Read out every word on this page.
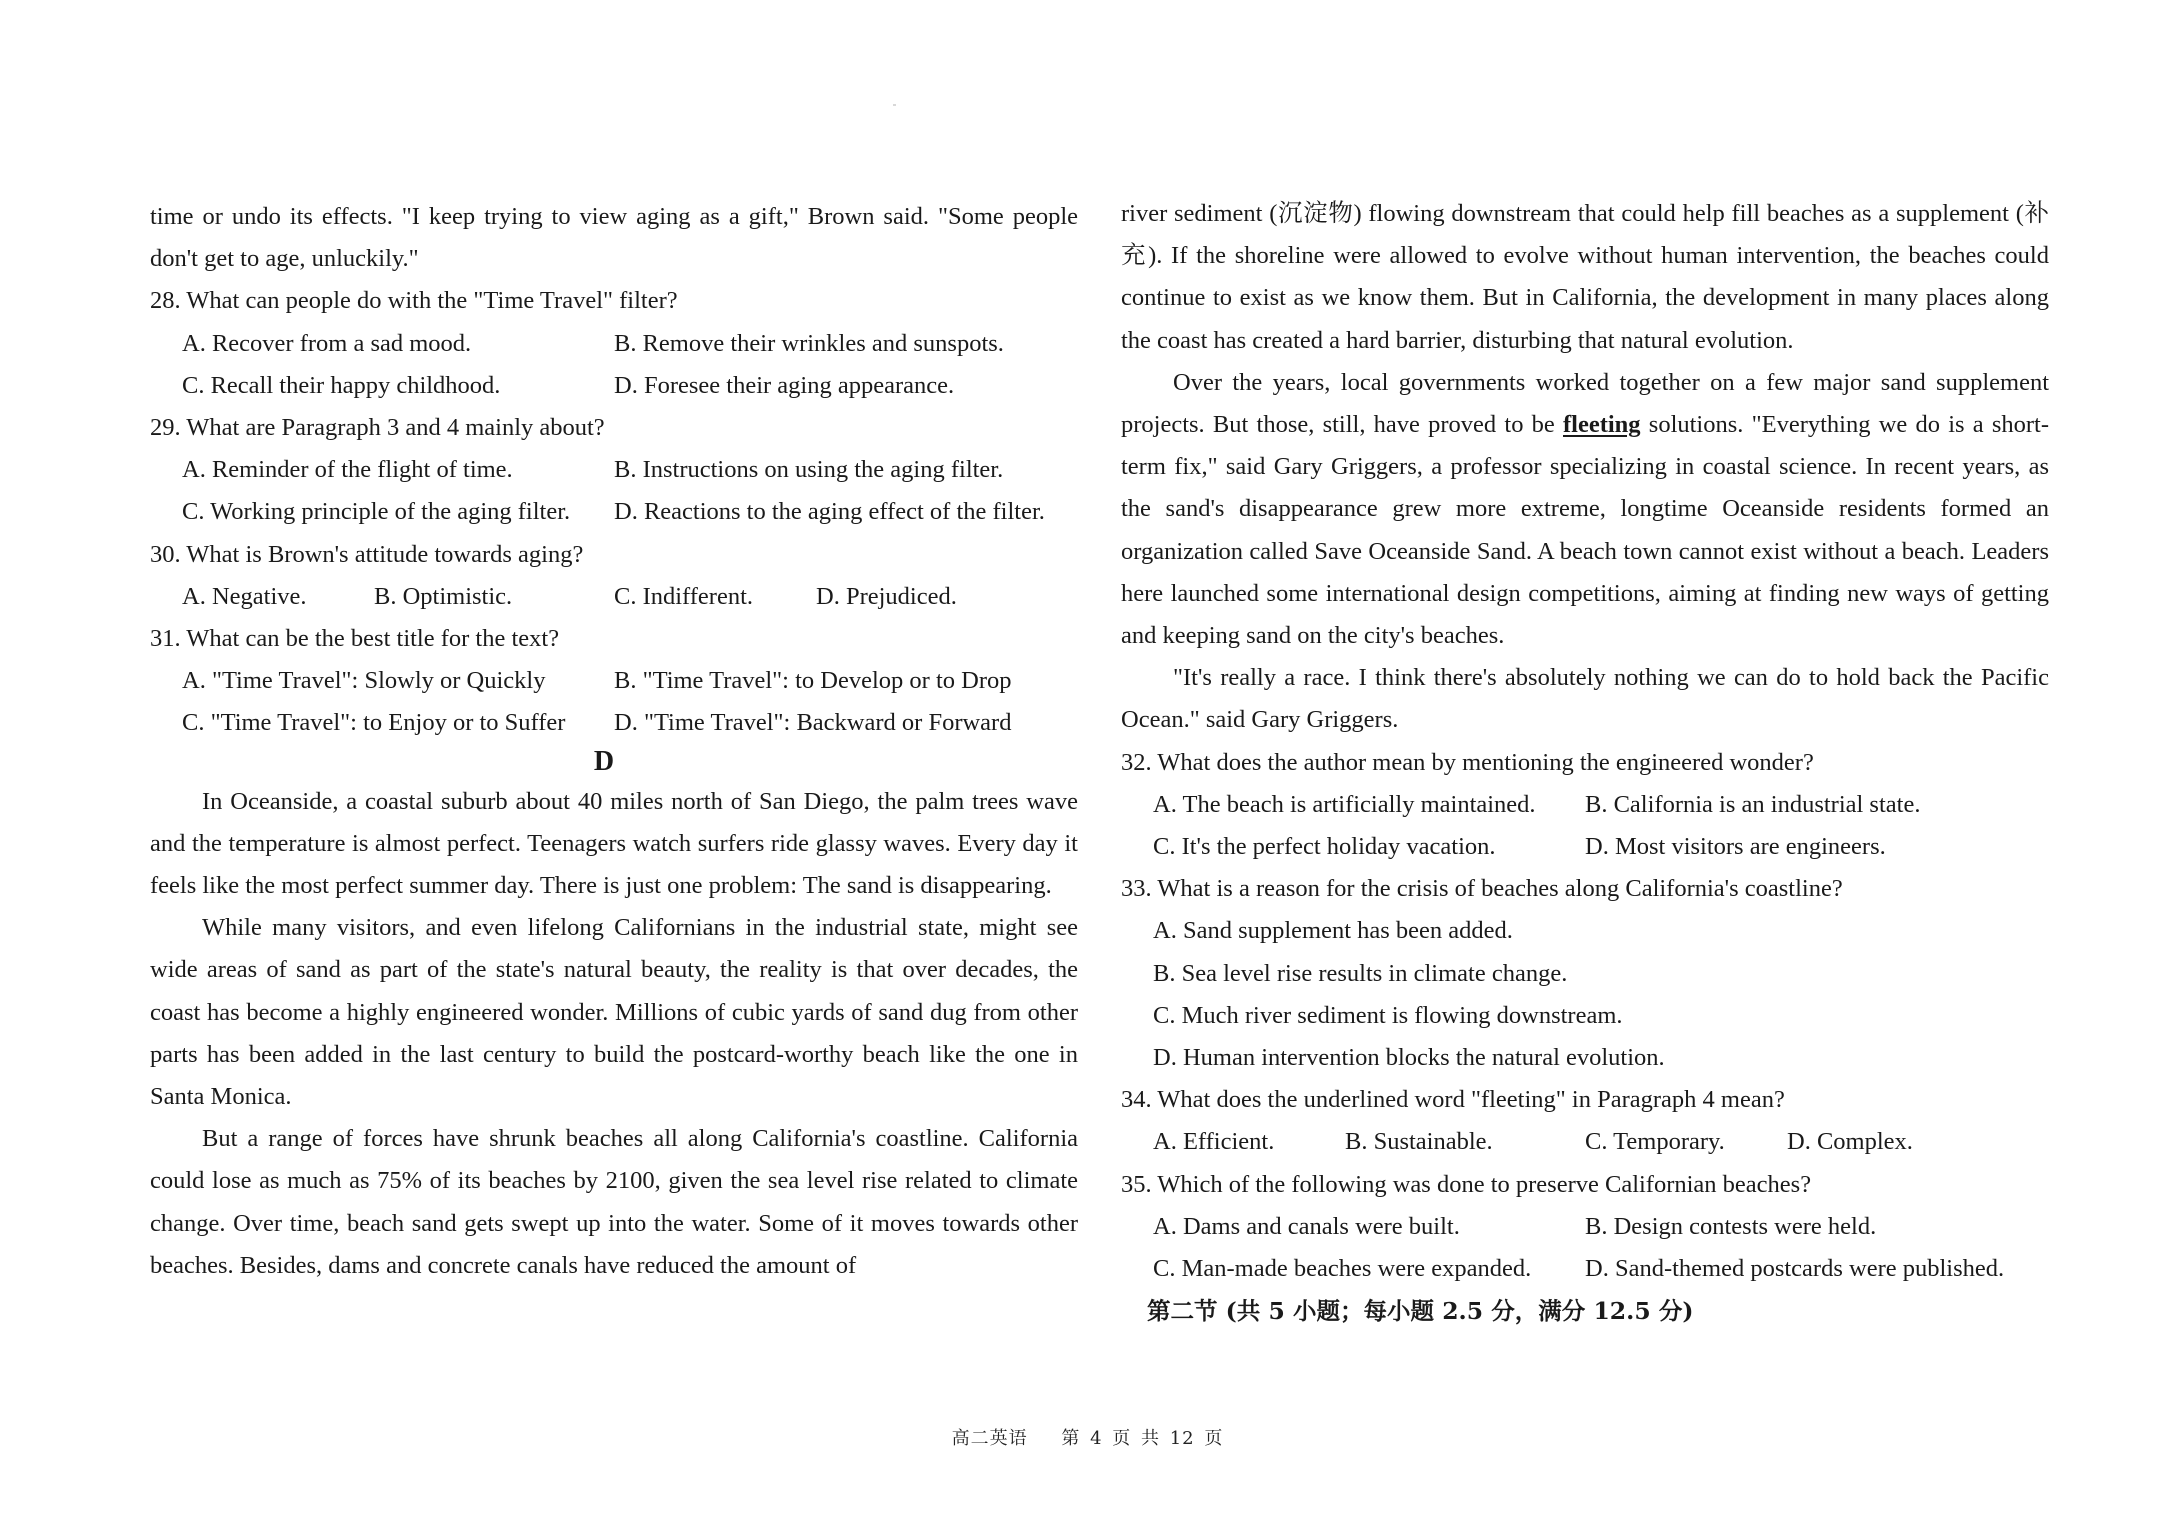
time or undo its effects. "I keep trying to view aging as a gift," Brown said. "Some people don't get to age, unluckily."

28. What can people do with the "Time Travel" filter?

A. Recover from a sad mood.	B. Remove their wrinkles and sunspots.

C. Recall their happy childhood.	D. Foresee their aging appearance.

29. What are Paragraph 3 and 4 mainly about?

A. Reminder of the flight of time.	B. Instructions on using the aging filter.

C. Working principle of the aging filter.	D. Reactions to the aging effect of the filter.

30. What is Brown's attitude towards aging?

A. Negative.	B. Optimistic.	C. Indifferent.	D. Prejudiced.

31. What can be the best title for the text?

A. "Time Travel": Slowly or Quickly	B. "Time Travel": to Develop or to Drop

C. "Time Travel": to Enjoy or to Suffer	D. "Time Travel": Backward or Forward

D

In Oceanside, a coastal suburb about 40 miles north of San Diego, the palm trees wave and the temperature is almost perfect. Teenagers watch surfers ride glassy waves. Every day it feels like the most perfect summer day. There is just one problem: The sand is disappearing.

While many visitors, and even lifelong Californians in the industrial state, might see wide areas of sand as part of the state's natural beauty, the reality is that over decades, the coast has become a highly engineered wonder. Millions of cubic yards of sand dug from other parts has been added in the last century to build the postcard-worthy beach like the one in Santa Monica.

But a range of forces have shrunk beaches all along California's coastline. California could lose as much as 75% of its beaches by 2100, given the sea level rise related to climate change. Over time, beach sand gets swept up into the water. Some of it moves towards other beaches. Besides, dams and concrete canals have reduced the amount of

river sediment (沉淀物) flowing downstream that could help fill beaches as a supplement (补充). If the shoreline were allowed to evolve without human intervention, the beaches could continue to exist as we know them. But in California, the development in many places along the coast has created a hard barrier, disturbing that natural evolution.

Over the years, local governments worked together on a few major sand supplement projects. But those, still, have proved to be fleeting solutions. "Everything we do is a short-term fix," said Gary Griggers, a professor specializing in coastal science. In recent years, as the sand's disappearance grew more extreme, longtime Oceanside residents formed an organization called Save Oceanside Sand. A beach town cannot exist without a beach. Leaders here launched some international design competitions, aiming at finding new ways of getting and keeping sand on the city's beaches.

"It's really a race. I think there's absolutely nothing we can do to hold back the Pacific Ocean." said Gary Griggers.

32. What does the author mean by mentioning the engineered wonder?

A. The beach is artificially maintained.	B. California is an industrial state.

C. It's the perfect holiday vacation.	D. Most visitors are engineers.

33. What is a reason for the crisis of beaches along California's coastline?

A. Sand supplement has been added.

B. Sea level rise results in climate change.

C. Much river sediment is flowing downstream.

D. Human intervention blocks the natural evolution.

34. What does the underlined word "fleeting" in Paragraph 4 mean?

A. Efficient.	B. Sustainable.	C. Temporary.	D. Complex.

35. Which of the following was done to preserve Californian beaches?

A. Dams and canals were built.	B. Design contests were held.

C. Man-made beaches were expanded.	D. Sand-themed postcards were published.

第二节 (共 5 小题；每小题 2.5 分，满分 12.5 分)

高二英语 第 4 页 共 12 页
